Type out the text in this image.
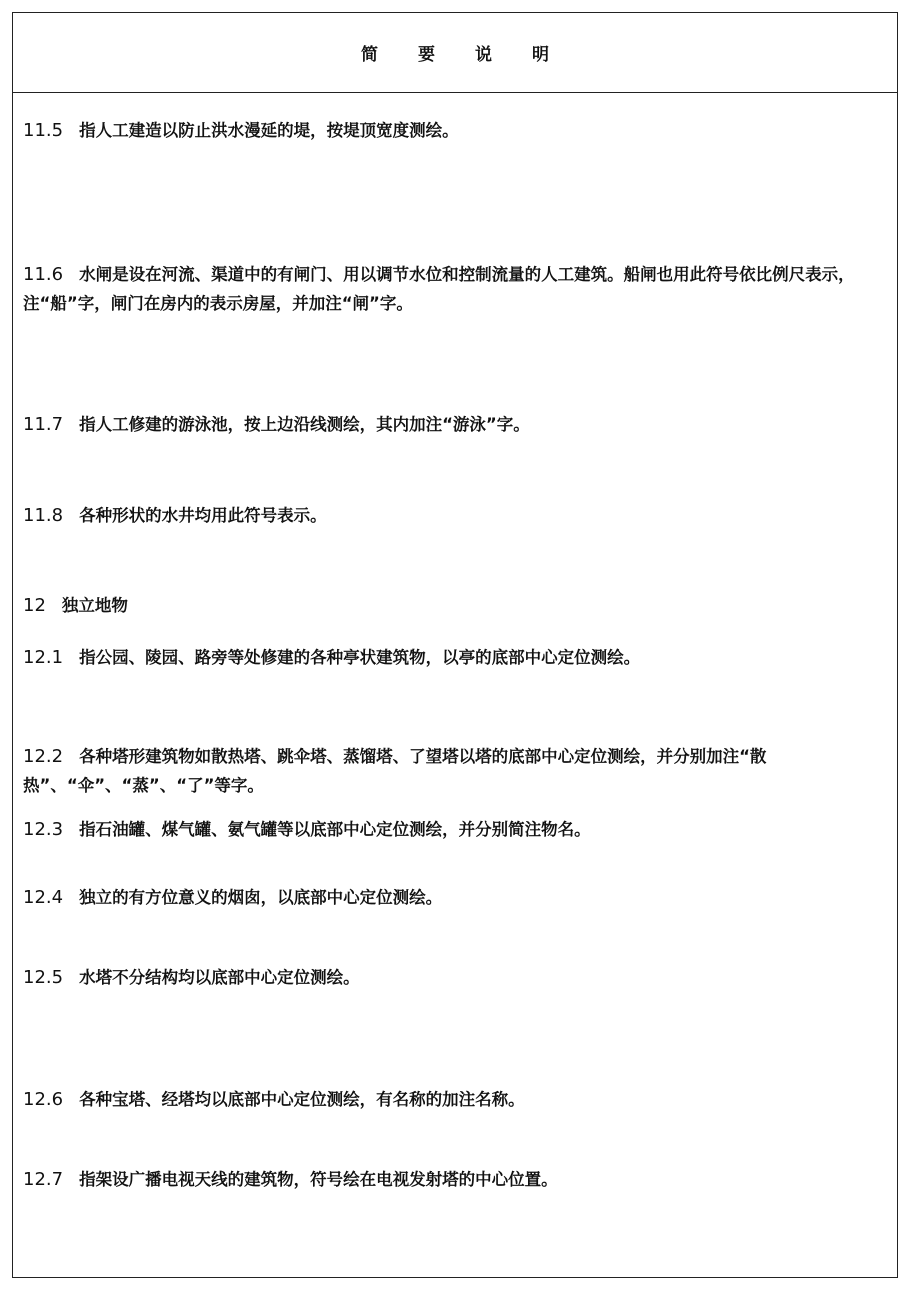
简要说明
11.5 指人工建造以防止洪水漫延的堤，按堤顶宽度测绘。
11.6 水闸是设在河流、渠道中的有闸门、用以调节水位和控制流量的人工建筑。船闸也用此符号依比例尺表示，注“船”字，闸门在房内的表示房屋，并加注“闸”字。
11.7 指人工修建的游泳池，按上边沿线测绘，其内加注“游泳”字。
11.8 各种形状的水井均用此符号表示。
12 独立地物
12.1 指公园、陵园、路旁等处修建的各种亭状建筑物，以亭的底部中心定位测绘。
12.2 各种塔形建筑物如散热塔、跳伞塔、蒸馏塔、了望塔以塔的底部中心定位测绘，并分别加注“散热”、“伞”、“蒸”、“了”等字。
12.3 指石油罐、煤气罐、氨气罐等以底部中心定位测绘，并分别简注物名。
12.4 独立的有方位意义的烟囱，以底部中心定位测绘。
12.5 水塔不分结构均以底部中心定位测绘。
12.6 各种宝塔、经塔均以底部中心定位测绘，有名称的加注名称。
12.7 指架设广播电视天线的建筑物，符号绘在电视发射塔的中心位置。
